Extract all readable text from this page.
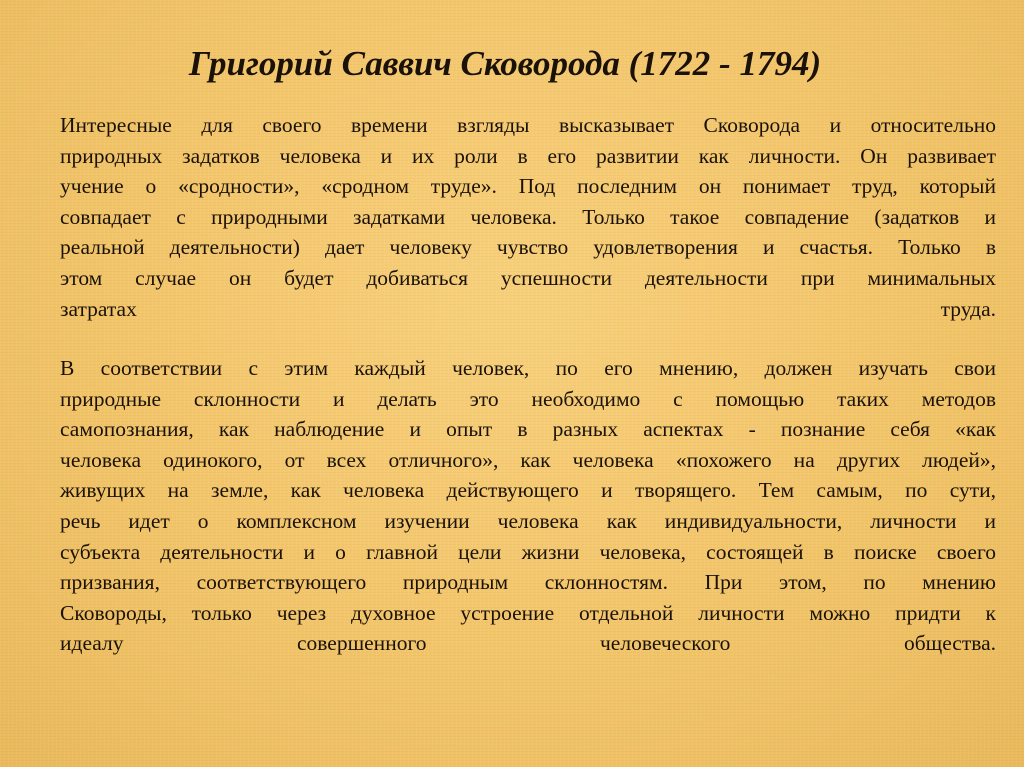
Григорий Саввич Сковорода (1722 - 1794)
Интересные для своего времени взгляды высказывает Сковорода и относительно
природных задатков человека и их роли в его развитии как личности. Он развивает
учение о «сродности», «сродном труде». Под последним он понимает труд, который
совпадает с природными задатками человека. Только такое совпадение (задатков и
реальной деятельности) дает человеку чувство удовлетворения и счастья. Только в
этом случае он будет добиваться успешности деятельности при минимальных
затратах труда.
В соответствии с этим каждый человек, по его мнению, должен изучать свои
природные склонности и делать это необходимо с помощью таких методов
самопознания, как наблюдение и опыт в разных аспектах - познание себя «как
человека одинокого, от всех отличного», как человека «похожего на других людей»,
живущих на земле, как человека действующего и творящего. Тем самым, по сути,
речь идет о комплексном изучении человека как индивидуальности, личности и
субъекта деятельности и о главной цели жизни человека, состоящей в поиске своего
призвания, соответствующего природным склонностям. При этом, по мнению
Сковороды, только через духовное устроение отдельной личности можно придти к
идеалу совершенного человеческого общества.
